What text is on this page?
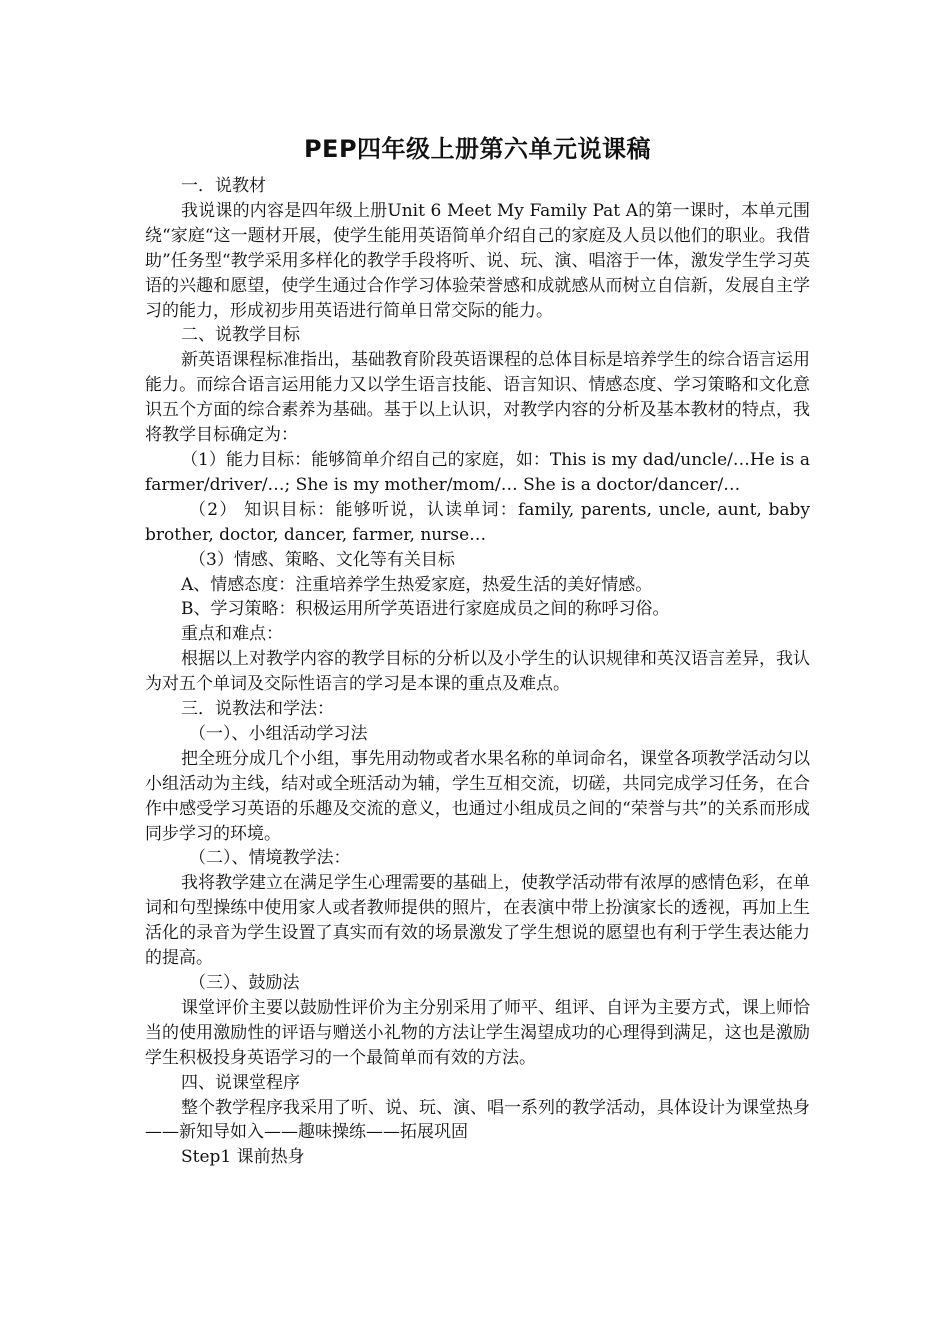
PEP四年级上册第六单元说课稿

一．说教材

我说课的内容是四年级上册Unit 6 Meet My Family Pat A的第一课时，本单元围绕“家庭“这一题材开展，使学生能用英语简单介绍自己的家庭及人员以他们的职业。我借助”任务型“教学采用多样化的教学手段将听、说、玩、演、唱溶于一体，激发学生学习英语的兴趣和愿望，使学生通过合作学习体验荣誉感和成就感从而树立自信新，发展自主学习的能力，形成初步用英语进行简单日常交际的能力。

二、说教学目标

新英语课程标准指出，基础教育阶段英语课程的总体目标是培养学生的综合语言运用能力。而综合语言运用能力又以学生语言技能、语言知识、情感态度、学习策略和文化意识五个方面的综合素养为基础。基于以上认识，对教学内容的分析及基本教材的特点，我将教学目标确定为：

（1）能力目标：能够简单介绍自己的家庭，如：This is my dad/uncle/…He is a farmer/driver/…; She is my mother/mom/… She is a doctor/dancer/…

（2） 知识目标：能够听说，认读单词：family, parents, uncle, aunt, baby brother, doctor, dancer, farmer, nurse…

（3）情感、策略、文化等有关目标

A、情感态度：注重培养学生热爱家庭，热爱生活的美好情感。

B、学习策略：积极运用所学英语进行家庭成员之间的称呼习俗。

重点和难点：

根据以上对教学内容的教学目标的分析以及小学生的认识规律和英汉语言差异，我认为对五个单词及交际性语言的学习是本课的重点及难点。

三．说教法和学法：

（一）、小组活动学习法

把全班分成几个小组，事先用动物或者水果名称的单词命名，课堂各项教学活动匀以小组活动为主线，结对或全班活动为辅，学生互相交流，切磋，共同完成学习任务，在合作中感受学习英语的乐趣及交流的意义，也通过小组成员之间的“荣誉与共”的关系而形成同步学习的环境。

（二）、情境教学法：

我将教学建立在满足学生心理需要的基础上，使教学活动带有浓厚的感情色彩，在单词和句型操练中使用家人或者教师提供的照片，在表演中带上扮演家长的透视，再加上生活化的录音为学生设置了真实而有效的场景激发了学生想说的愿望也有利于学生表达能力的提高。

（三）、鼓励法

课堂评价主要以鼓励性评价为主分别采用了师平、组评、自评为主要方式，课上师恰当的使用激励性的评语与赠送小礼物的方法让学生渴望成功的心理得到满足，这也是激励学生积极投身英语学习的一个最简单而有效的方法。

四、说课堂程序

整个教学程序我采用了听、说、玩、演、唱一系列的教学活动，具体设计为课堂热身——新知导如入——趣味操练——拓展巩固

Step1 课前热身
